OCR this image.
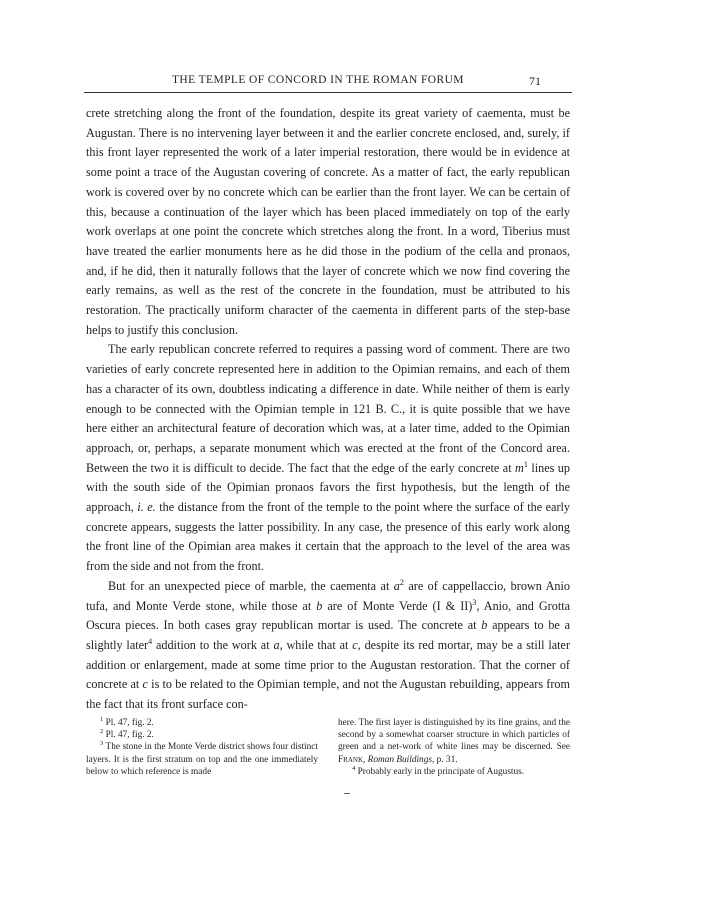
THE TEMPLE OF CONCORD IN THE ROMAN FORUM	71

crete stretching along the front of the foundation, despite its great variety of caementa, must be Augustan. There is no intervening layer between it and the earlier concrete enclosed, and, surely, if this front layer represented the work of a later imperial restoration, there would be in evidence at some point a trace of the Augustan covering of concrete. As a matter of fact, the early republican work is covered over by no concrete which can be earlier than the front layer. We can be certain of this, because a continuation of the layer which has been placed immediately on top of the early work overlaps at one point the concrete which stretches along the front. In a word, Tiberius must have treated the earlier monuments here as he did those in the podium of the cella and pronaos, and, if he did, then it naturally follows that the layer of concrete which we now find covering the early remains, as well as the rest of the concrete in the foundation, must be attributed to his restoration. The practically uniform character of the caementa in different parts of the step-base helps to justify this conclusion.

The early republican concrete referred to requires a passing word of comment. There are two varieties of early concrete represented here in addition to the Opimian remains, and each of them has a character of its own, doubtless indicating a difference in date. While neither of them is early enough to be connected with the Opimian temple in 121 B. C., it is quite possible that we have here either an architectural feature of decoration which was, at a later time, added to the Opimian approach, or, perhaps, a separate monument which was erected at the front of the Concord area. Between the two it is difficult to decide. The fact that the edge of the early concrete at $m^1$ lines up with the south side of the Opimian pronaos favors the first hypothesis, but the length of the approach, i. e. the distance from the front of the temple to the point where the surface of the early concrete appears, suggests the latter possibility. In any case, the presence of this early work along the front line of the Opimian area makes it certain that the approach to the level of the area was from the side and not from the front.

But for an unexpected piece of marble, the caementa at $a^2$ are of cappellaccio, brown Anio tufa, and Monte Verde stone, while those at b are of Monte Verde (I & II)$^3$, Anio, and Grotta Oscura pieces. In both cases gray republican mortar is used. The concrete at b appears to be a slightly later$^4$ addition to the work at a, while that at c, despite its red mortar, may be a still later addition or enlargement, made at some time prior to the Augustan restoration. That the corner of concrete at c is to be related to the Opimian temple, and not the Augustan rebuilding, appears from the fact that its front surface con-

$^1$ Pl. 47, fig. 2.

$^2$ Pl. 47, fig. 2.

$^3$ The stone in the Monte Verde district shows four distinct layers. It is the first stratum on top and the one immediately below to which reference is made

here. The first layer is distinguished by its fine grains, and the second by a somewhat coarser structure in which particles of green and a net-work of white lines may be discerned. See Frank, Roman Buildings, p. 31.

$^4$ Probably early in the principate of Augustus.
